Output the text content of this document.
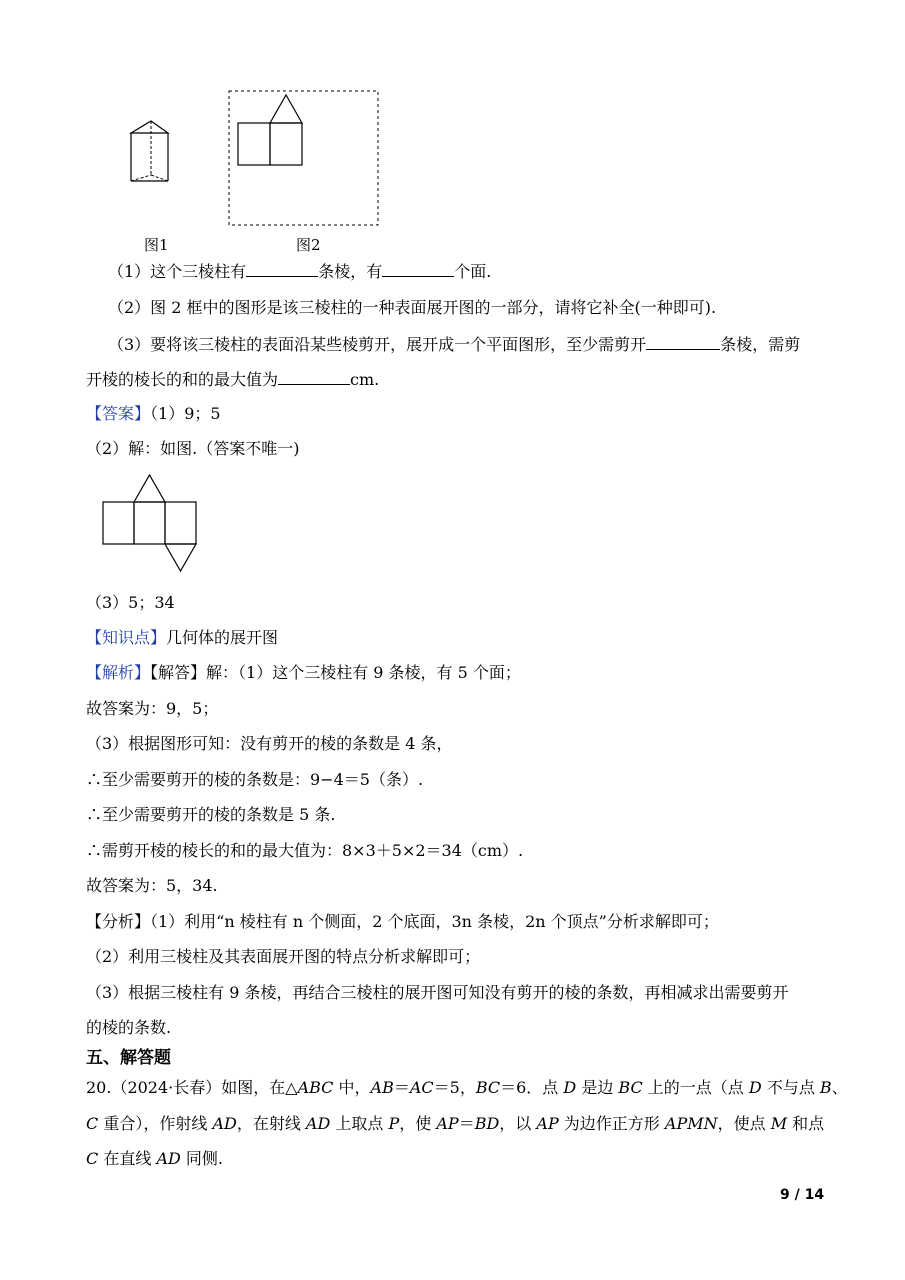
图1	图2
（1）这个三棱柱有	条棱，有	个面.
（2）图 2 框中的图形是该三棱柱的一种表面展开图的一部分，请将它补全(一种即可).
（3）要将该三棱柱的表面沿某些棱剪开，展开成一个平面图形，至少需剪开	条棱，需剪
开棱的棱长的和的最大值为	cm.
【答案】（1）9；5
（2）解：如图.（答案不唯一)
（3）5；34
【知识点】几何体的展开图
【解析】【解答】解：（1）这个三棱柱有 9 条棱，有 5 个面；
故答案为：9，5；
（3）根据图形可知：没有剪开的棱的条数是 4 条，
∴至少需要剪开的棱的条数是：9−4＝5（条）.
∴至少需要剪开的棱的条数是 5 条.
∴需剪开棱的棱长的和的最大值为：8×3＋5×2＝34（cm）.
故答案为：5，34.
【分析】（1）利用“n 棱柱有 n 个侧面，2 个底面，3n 条棱，2n 个顶点”分析求解即可；
（2）利用三棱柱及其表面展开图的特点分析求解即可；
（3）根据三棱柱有 9 条棱，再结合三棱柱的展开图可知没有剪开的棱的条数，再相减求出需要剪开
的棱的条数.
五、解答题
20.（2024·长春）如图，在△ABC 中，AB＝AC＝5，BC＝6．点 D 是边 BC 上的一点（点 D 不与点 B、
C 重合），作射线 AD，在射线 AD 上取点 P，使 AP＝BD，以 AP 为边作正方形 APMN，使点 M 和点
C 在直线 AD 同侧.
9 / 14
